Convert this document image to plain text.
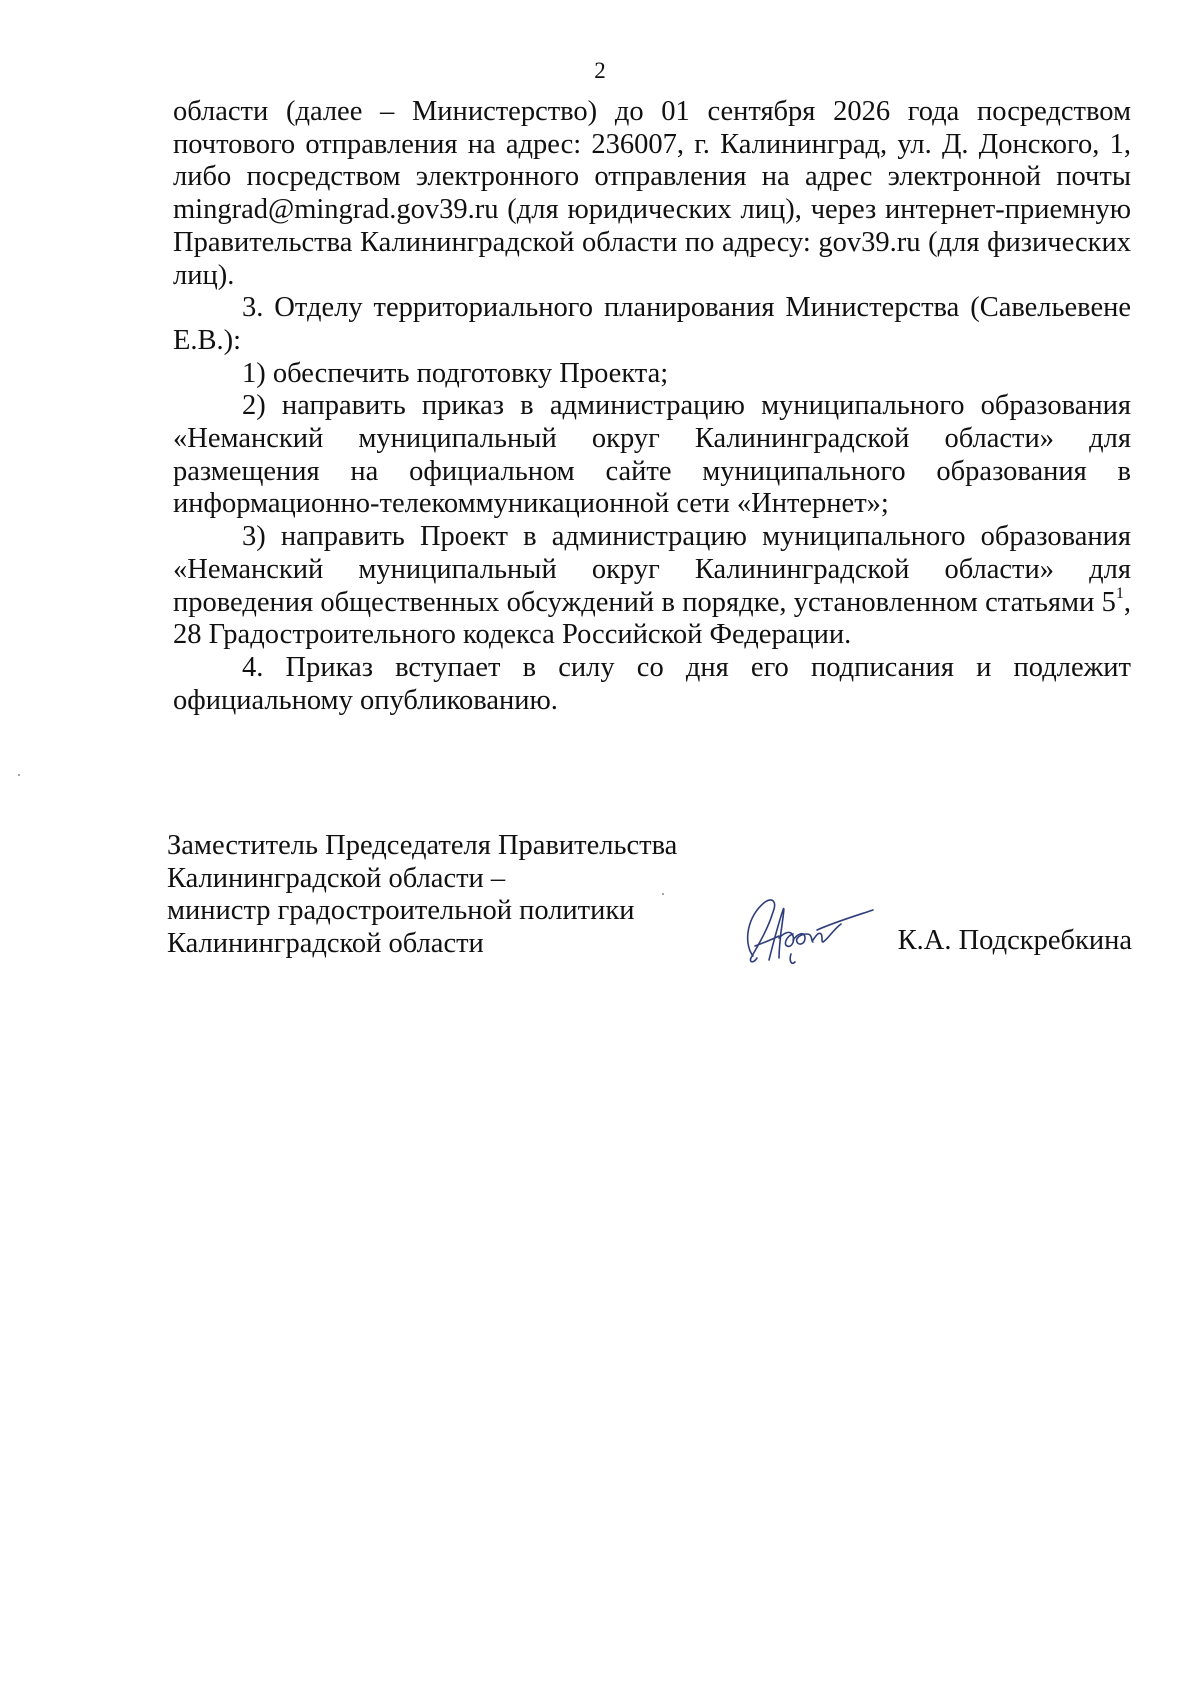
2

области (далее – Министерство) до 01 сентября 2026 года посредством почтового отправления на адрес: 236007, г. Калининград, ул. Д. Донского, 1, либо посредством электронного отправления на адрес электронной почты mingrad@mingrad.gov39.ru (для юридических лиц), через интернет-приемную Правительства Калининградской области по адресу: gov39.ru (для физических лиц).

3. Отделу территориального планирования Министерства (Савельевене Е.В.):

1) обеспечить подготовку Проекта;

2) направить приказ в администрацию муниципального образования «Неманский муниципальный округ Калининградской области» для размещения на официальном сайте муниципального образования в информационно-телекоммуникационной сети «Интернет»;

3) направить Проект в администрацию муниципального образования «Неманский муниципальный округ Калининградской области» для проведения общественных обсуждений в порядке, установленном статьями $5^1$, 28 Градостроительного кодекса Российской Федерации.

4. Приказ вступает в силу со дня его подписания и подлежит официальному опубликованию.

Заместитель Председателя Правительства
Калининградской области –
министр градостроительной политики
Калининградской области	К.А. Подскребкина
